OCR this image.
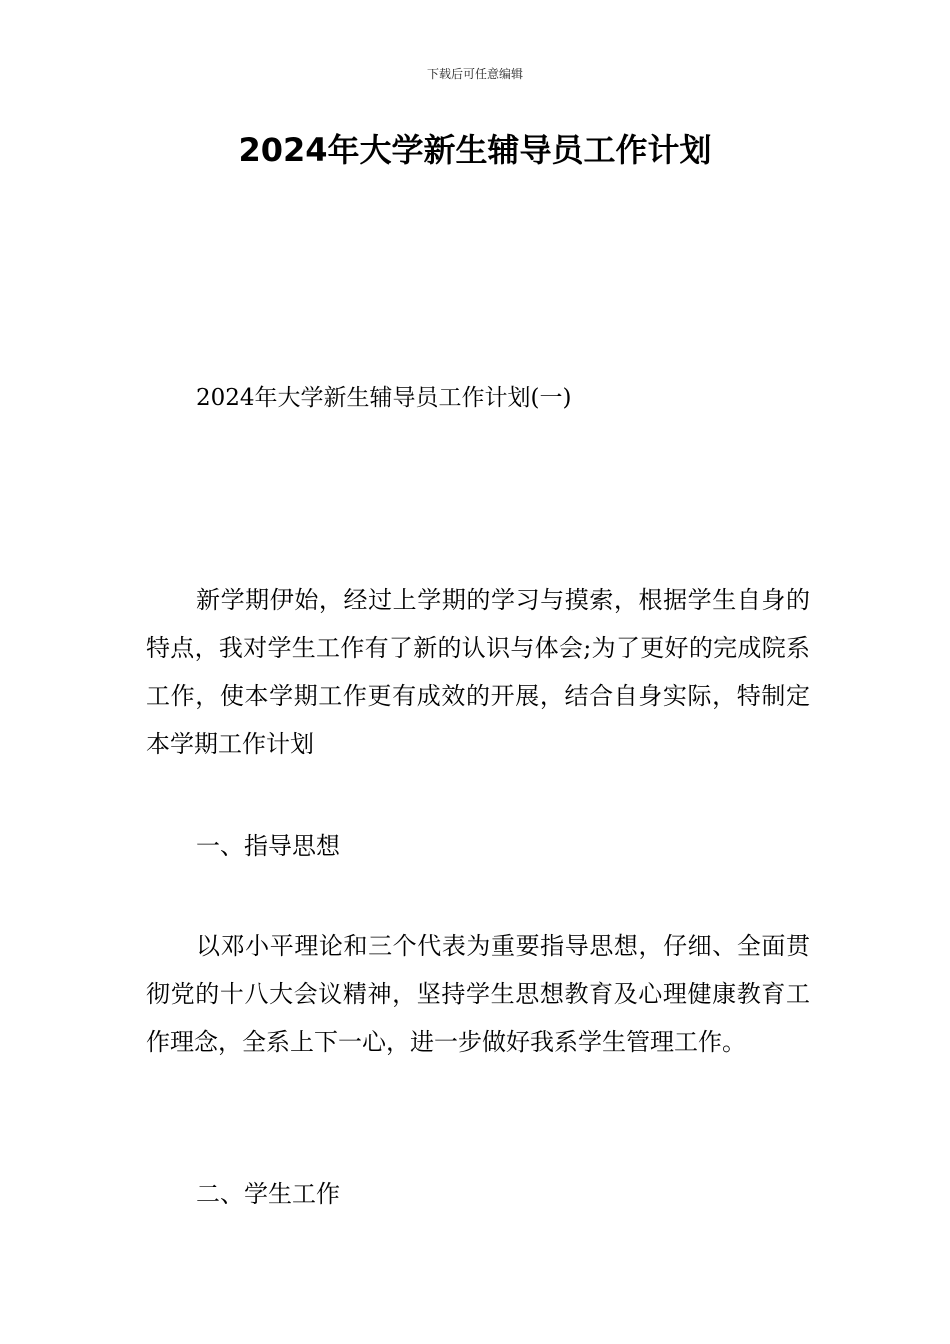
下载后可任意编辑
2024年大学新生辅导员工作计划
2024年大学新生辅导员工作计划(一)

新学期伊始，经过上学期的学习与摸索，根据学生自身的特点，我对学生工作有了新的认识与体会;为了更好的完成院系工作，使本学期工作更有成效的开展，结合自身实际，特制定本学期工作计划

一、指导思想

以邓小平理论和三个代表为重要指导思想，仔细、全面贯彻党的十八大会议精神，坚持学生思想教育及心理健康教育工作理念，全系上下一心，进一步做好我系学生管理工作。

二、学生工作
